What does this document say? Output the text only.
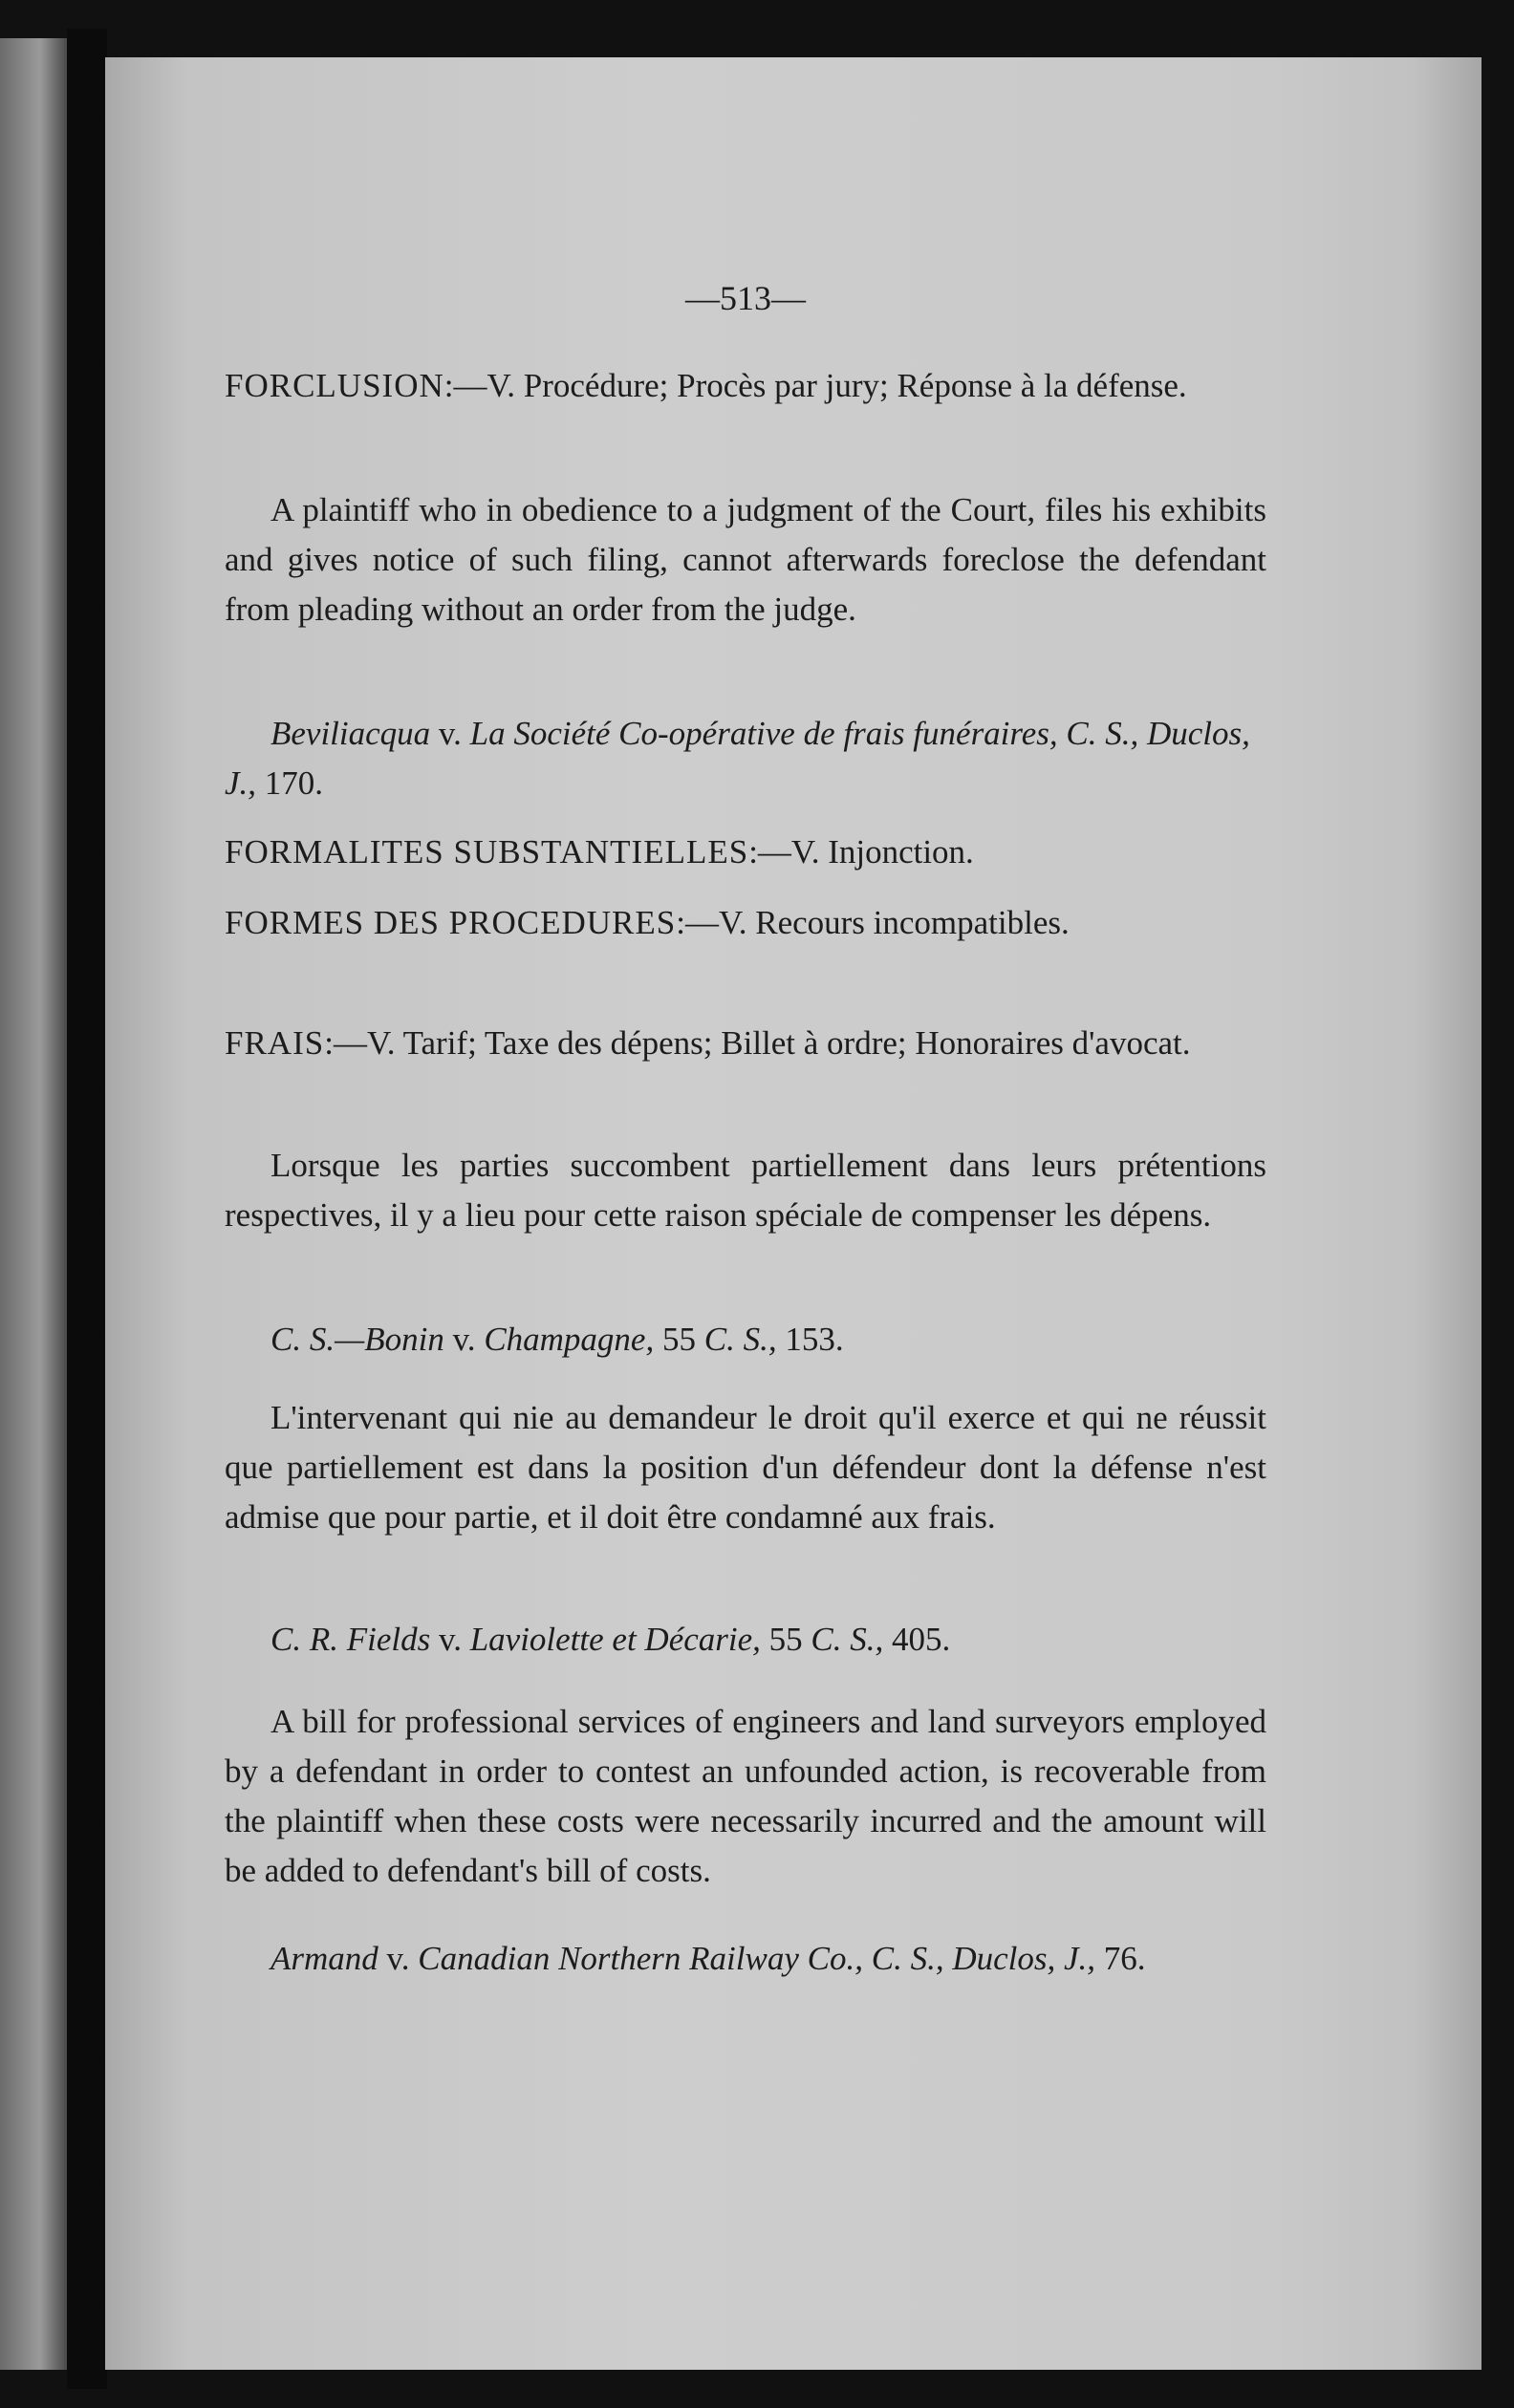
—513—
FORCLUSION:—V. Procédure; Procès par jury; Réponse à la défense.
A plaintiff who in obedience to a judgment of the Court, files his exhibits and gives notice of such filing, cannot afterwards foreclose the defendant from pleading without an order from the judge.
Beviliacqua v. La Société Co-opérative de frais funéraires, C. S., Duclos, J., 170.
FORMALITES SUBSTANTIELLES:—V. Injonction.
FORMES DES PROCEDURES:—V. Recours incompatibles.
FRAIS:—V. Tarif; Taxe des dépens; Billet à ordre; Honoraires d'avocat.
Lorsque les parties succombent partiellement dans leurs prétentions respectives, il y a lieu pour cette raison spéciale de compenser les dépens.
C. S.—Bonin v. Champagne, 55 C. S., 153.
L'intervenant qui nie au demandeur le droit qu'il exerce et qui ne réussit que partiellement est dans la position d'un défendeur dont la défense n'est admise que pour partie, et il doit être condamné aux frais.
C. R. Fields v. Laviolette et Décarie, 55 C. S., 405.
A bill for professional services of engineers and land surveyors employed by a defendant in order to contest an unfounded action, is recoverable from the plaintiff when these costs were necessarily incurred and the amount will be added to defendant's bill of costs.
Armand v. Canadian Northern Railway Co., C. S., Duclos, J., 76.
